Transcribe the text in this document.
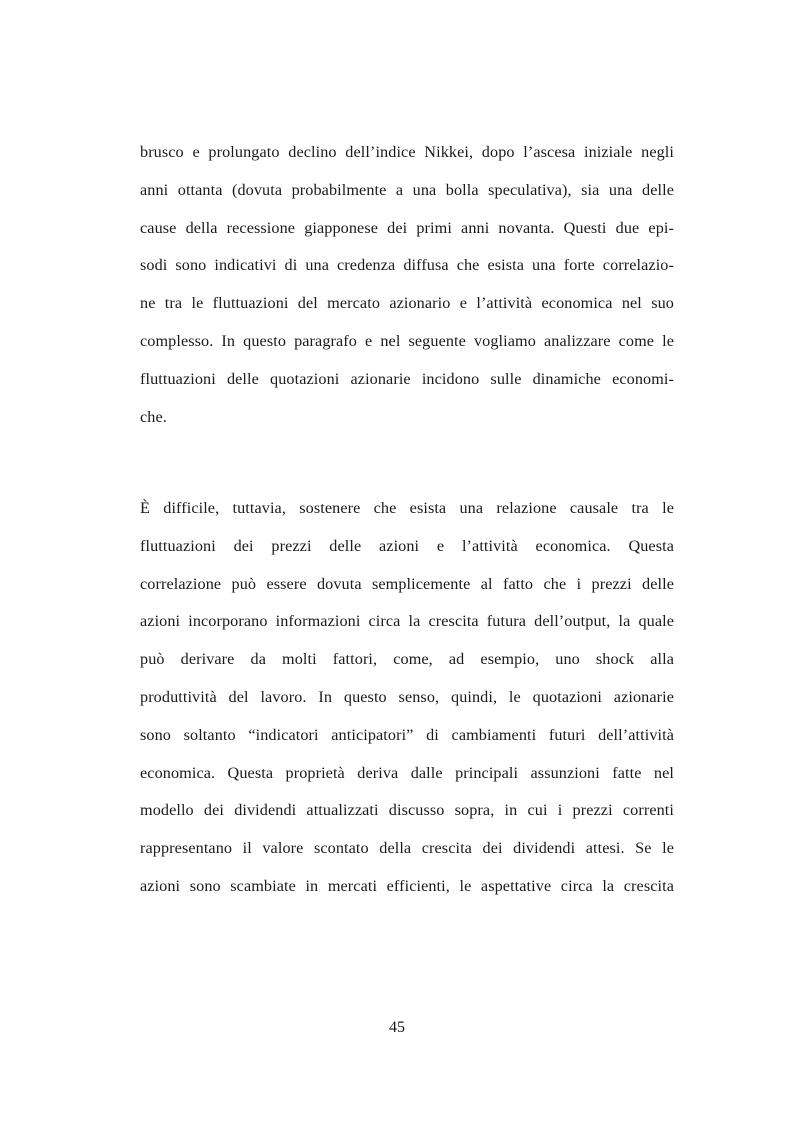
brusco e prolungato declino dell’indice Nikkei, dopo l’ascesa iniziale negli
anni ottanta (dovuta probabilmente a una bolla speculativa), sia una delle
cause della recessione giapponese dei primi anni novanta. Questi due epi-
sodi sono indicativi di una credenza diffusa che esista una forte correlazio-
ne tra le fluttuazioni del mercato azionario e l’attività economica nel suo
complesso. In questo paragrafo e nel seguente vogliamo analizzare come le
fluttuazioni delle quotazioni azionarie incidono sulle dinamiche economi-
che.

È difficile, tuttavia, sostenere che esista una relazione causale tra le
fluttuazioni dei prezzi delle azioni e l’attività economica. Questa
correlazione può essere dovuta semplicemente al fatto che i prezzi delle
azioni incorporano informazioni circa la crescita futura dell’output, la quale
può derivare da molti fattori, come, ad esempio, uno shock alla
produttività del lavoro. In questo senso, quindi, le quotazioni azionarie
sono soltanto “indicatori anticipatori” di cambiamenti futuri dell’attività
economica. Questa proprietà deriva dalle principali assunzioni fatte nel
modello dei dividendi attualizzati discusso sopra, in cui i prezzi correnti
rappresentano il valore scontato della crescita dei dividendi attesi. Se le
azioni sono scambiate in mercati efficienti, le aspettative circa la crescita

45
